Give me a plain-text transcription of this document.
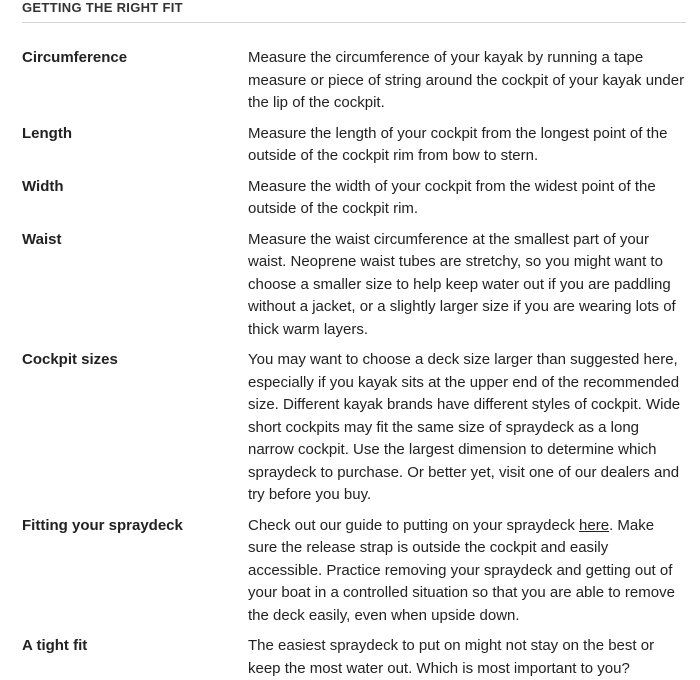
GETTING THE RIGHT FIT
Circumference	Measure the circumference of your kayak by running a tape measure or piece of string around the cockpit of your kayak under the lip of the cockpit.
Length	Measure the length of your cockpit from the longest point of the outside of the cockpit rim from bow to stern.
Width	Measure the width of your cockpit from the widest point of the outside of the cockpit rim.
Waist	Measure the waist circumference at the smallest part of your waist. Neoprene waist tubes are stretchy, so you might want to choose a smaller size to help keep water out if you are paddling without a jacket, or a slightly larger size if you are wearing lots of thick warm layers.
Cockpit sizes	You may want to choose a deck size larger than suggested here, especially if you kayak sits at the upper end of the recommended size. Different kayak brands have different styles of cockpit. Wide short cockpits may fit the same size of spraydeck as a long narrow cockpit. Use the largest dimension to determine which spraydeck to purchase. Or better yet, visit one of our dealers and try before you buy.
Fitting your spraydeck	Check out our guide to putting on your spraydeck here. Make sure the release strap is outside the cockpit and easily accessible. Practice removing your spraydeck and getting out of your boat in a controlled situation so that you are able to remove the deck easily, even when upside down.
A tight fit	The easiest spraydeck to put on might not stay on the best or keep the most water out. Which is most important to you?
